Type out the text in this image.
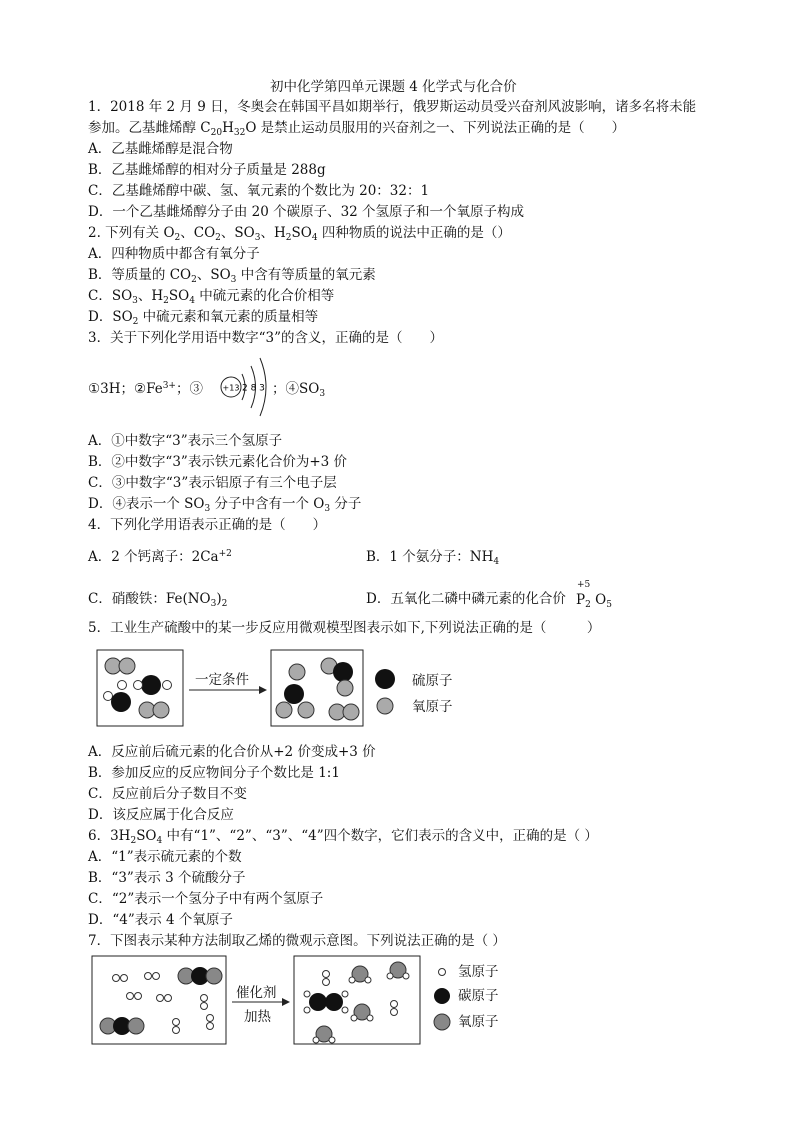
初中化学第四单元课题 4 化学式与化合价
1．2018 年 2 月 9 日，冬奥会在韩国平昌如期举行，俄罗斯运动员受兴奋剂风波影响，诸多名将未能
参加。乙基雌烯醇 $C_{20}H_{32}O$ 是禁止运动员服用的兴奋剂之一、下列说法正确的是（　　）
A．乙基雌烯醇是混合物
B．乙基雌烯醇的相对分子质量是 288g
C．乙基雌烯醇中碳、氢、氧元素的个数比为 20：32：1
D．一个乙基雌烯醇分子由 20 个碳原子、32 个氢原子和一个氧原子构成
2. 下列有关 $O_2$、$CO_2$、$SO_3$、$H_2SO_4$ 四种物质的说法中正确的是（）
A．四种物质中都含有氧分子
B．等质量的 $CO_2$、$SO_3$ 中含有等质量的氧元素
C．$SO_3$、$H_2SO_4$ 中硫元素的化合价相等
D．$SO_2$ 中硫元素和氧元素的质量相等
3．关于下列化学用语中数字“3”的含义，正确的是（　　）
①3H；$②Fe^{3+}$；③ +13 2 8 3 ；$④SO_3$
A．①中数字“3”表示三个氢原子
B．②中数字“3”表示铁元素化合价为+3 价
C．③中数字“3”表示铝原子有三个电子层
D．④表示一个 $SO_3$ 分子中含有一个 $O_3$ 分子
4．下列化学用语表示正确的是（　　）
A．2 个钙离子：$2Ca^{+2}$	B．1 个氨分子：$NH_4$
C．硝酸铁：$Fe(NO_3)_2$	D．五氧化二磷中磷元素的化合价
+5
$P_2$ $O_5$
5．工业生产硫酸中的某一步反应用微观模型图表示如下,下列说法正确的是（　　　）
一定条件	硫原子
氧原子
A．反应前后硫元素的化合价从+2 价变成+3 价
B．参加反应的反应物间分子个数比是 1:1
C．反应前后分子数目不变
D．该反应属于化合反应
6．$3H_2SO_4$ 中有“1”、“2”、“3”、“4”四个数字，它们表示的含义中，正确的是（ ）
A．“1”表示硫元素的个数
B．“3”表示 3 个硫酸分子
C．“2”表示一个氢分子中有两个氢原子
D．“4”表示 4 个氧原子
7．下图表示某种方法制取乙烯的微观示意图。下列说法正确的是（ ）
催化剂
加热
氢原子
碳原子
氧原子
